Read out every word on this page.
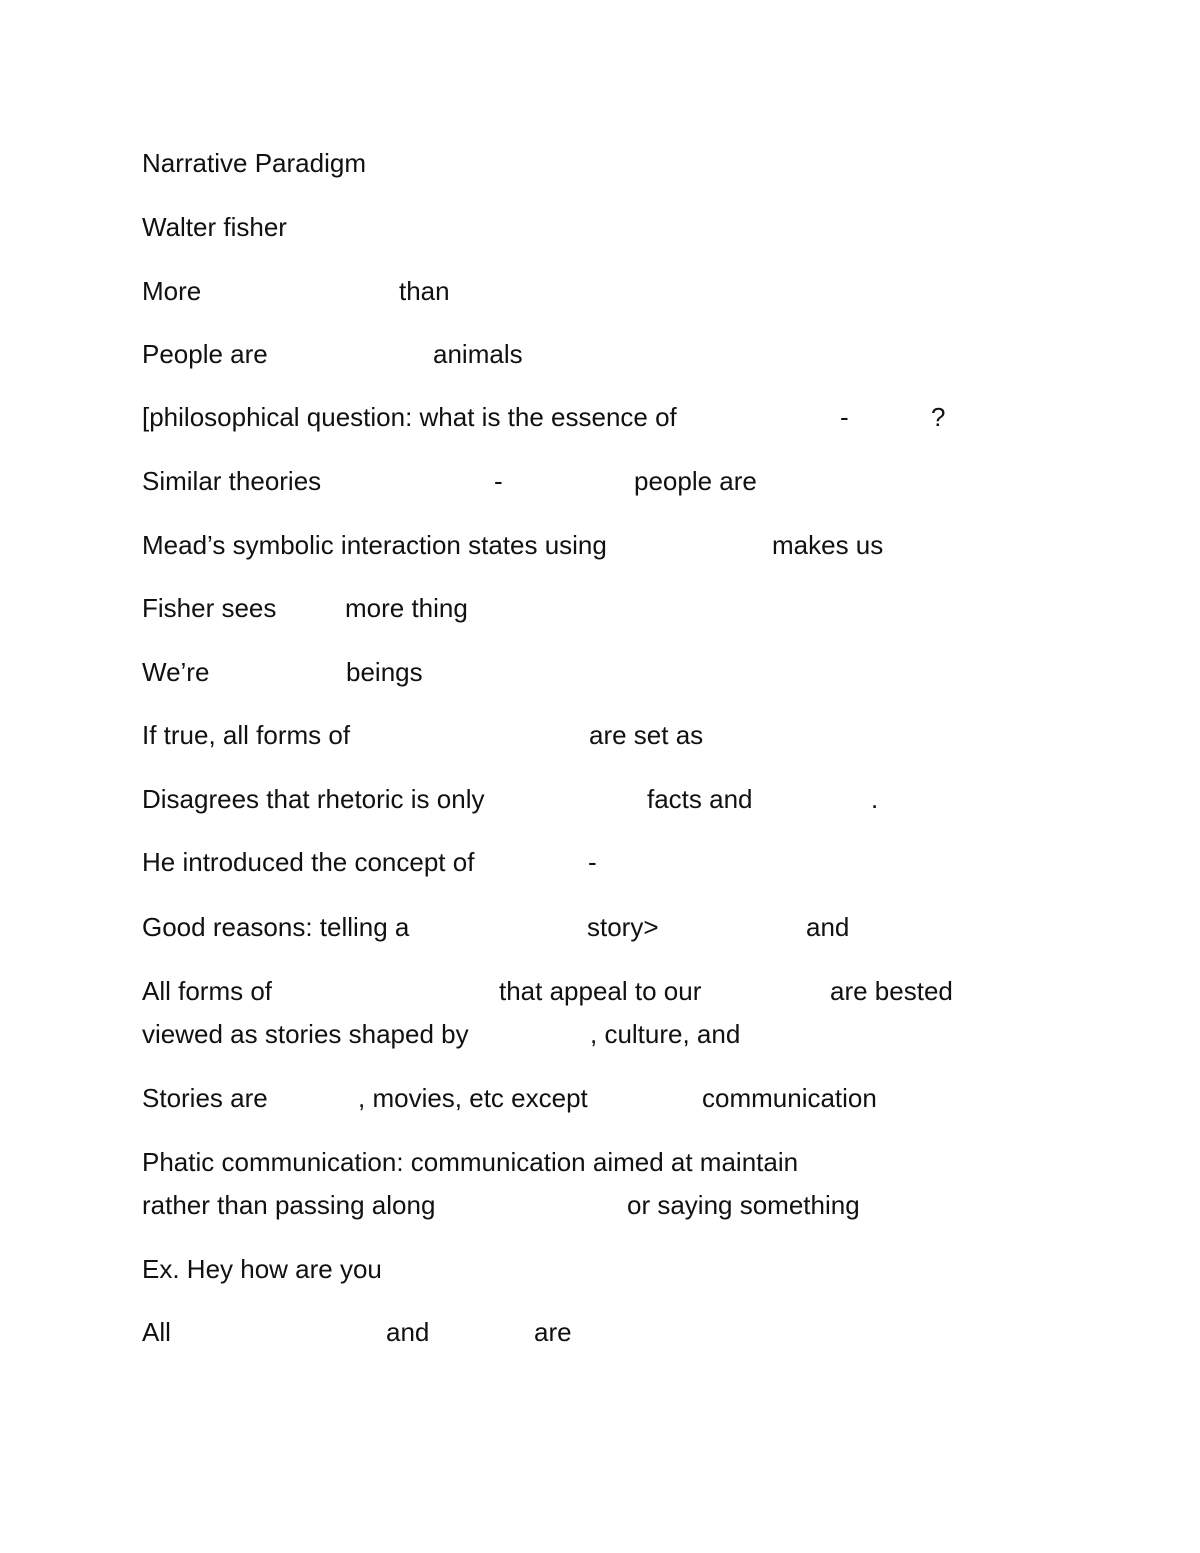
Narrative Paradigm
Walter fisher
More	than
People are	animals
[philosophical question: what is the essence of	-	?
Similar theories	-	people are
Mead’s symbolic interaction states using	makes us
Fisher sees	more thing
We’re	beings
If true, all forms of	are set as
Disagrees that rhetoric is only	facts and	.
He introduced the concept of	-
Good reasons: telling a	story>	and
All forms of	that appeal to our	are bested
viewed as stories shaped by	, culture, and
Stories are	, movies, etc except	communication
Phatic communication: communication aimed at maintain
rather than passing along	or saying something
Ex. Hey how are you
All	and	are
